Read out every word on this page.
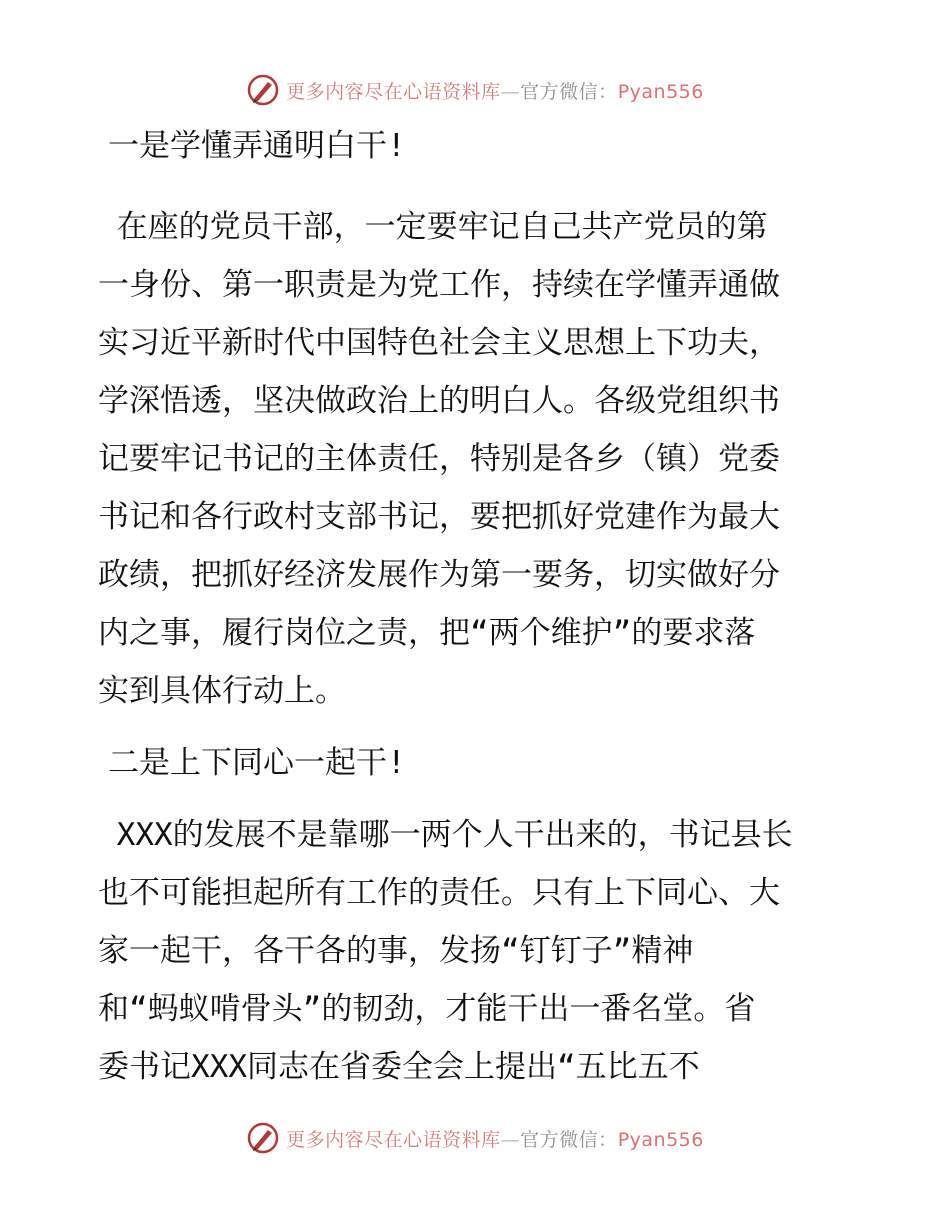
更多内容尽在心语资料库—官方微信：Pyan556

一是学懂弄通明白干!

在座的党员干部，一定要牢记自己共产党员的第
一身份、第一职责是为党工作，持续在学懂弄通做
实习近平新时代中国特色社会主义思想上下功夫，
学深悟透，坚决做政治上的明白人。各级党组织书
记要牢记书记的主体责任，特别是各乡（镇）党委
书记和各行政村支部书记，要把抓好党建作为最大
政绩，把抓好经济发展作为第一要务，切实做好分
内之事，履行岗位之责，把“两个维护”的要求落
实到具体行动上。

二是上下同心一起干!

XXX的发展不是靠哪一两个人干出来的，书记县长
也不可能担起所有工作的责任。只有上下同心、大
家一起干，各干各的事，发扬“钉钉子”精神
和“蚂蚁啃骨头”的韧劲，才能干出一番名堂。省
委书记XXX同志在省委全会上提出“五比五不
更多内容尽在心语资料库—官方微信：Pyan556
